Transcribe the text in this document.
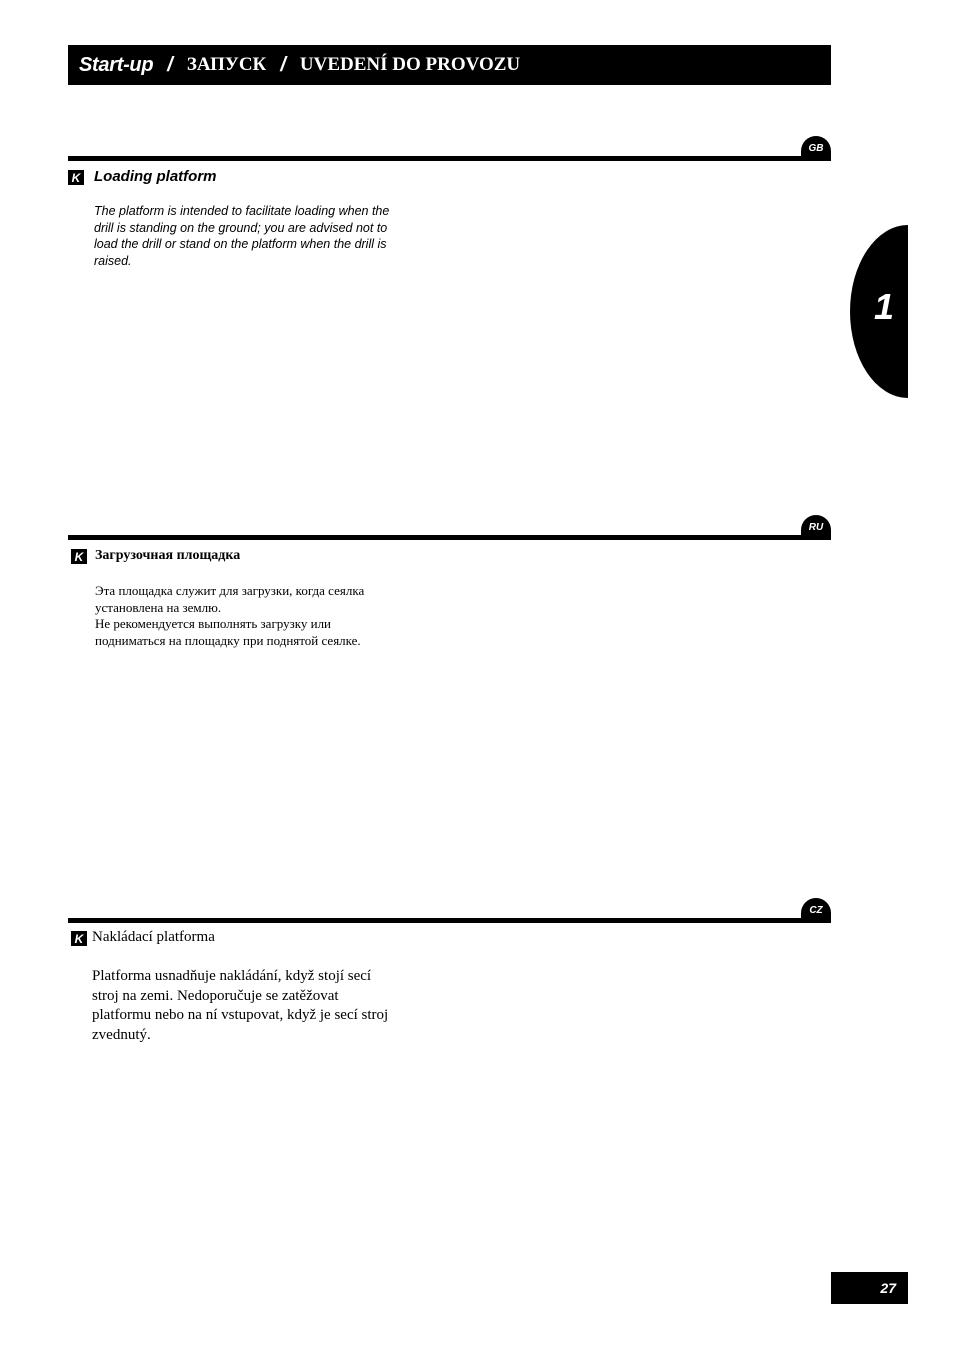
Start-up / ЗАПУСК / UVEDENÍ DO PROVOZU
1
GB
K Loading platform
The platform is intended to facilitate loading when the
drill is standing on the ground; you are advised not to
load the drill or stand on the platform when the drill is
raised.
RU
K Загрузочная площадка
Эта площадка служит для загрузки, когда сеялка
установлена на землю.
Не рекомендуется выполнять загрузку или
подниматься на площадку при поднятой сеялке.
CZ
K Nakládací platforma
Platforma usnadňuje nakládání, když stojí secí
stroj na zemi. Nedoporučuje se zatěžovat
platformu nebo na ní vstupovat, když je secí stroj
zvednutý.
27
